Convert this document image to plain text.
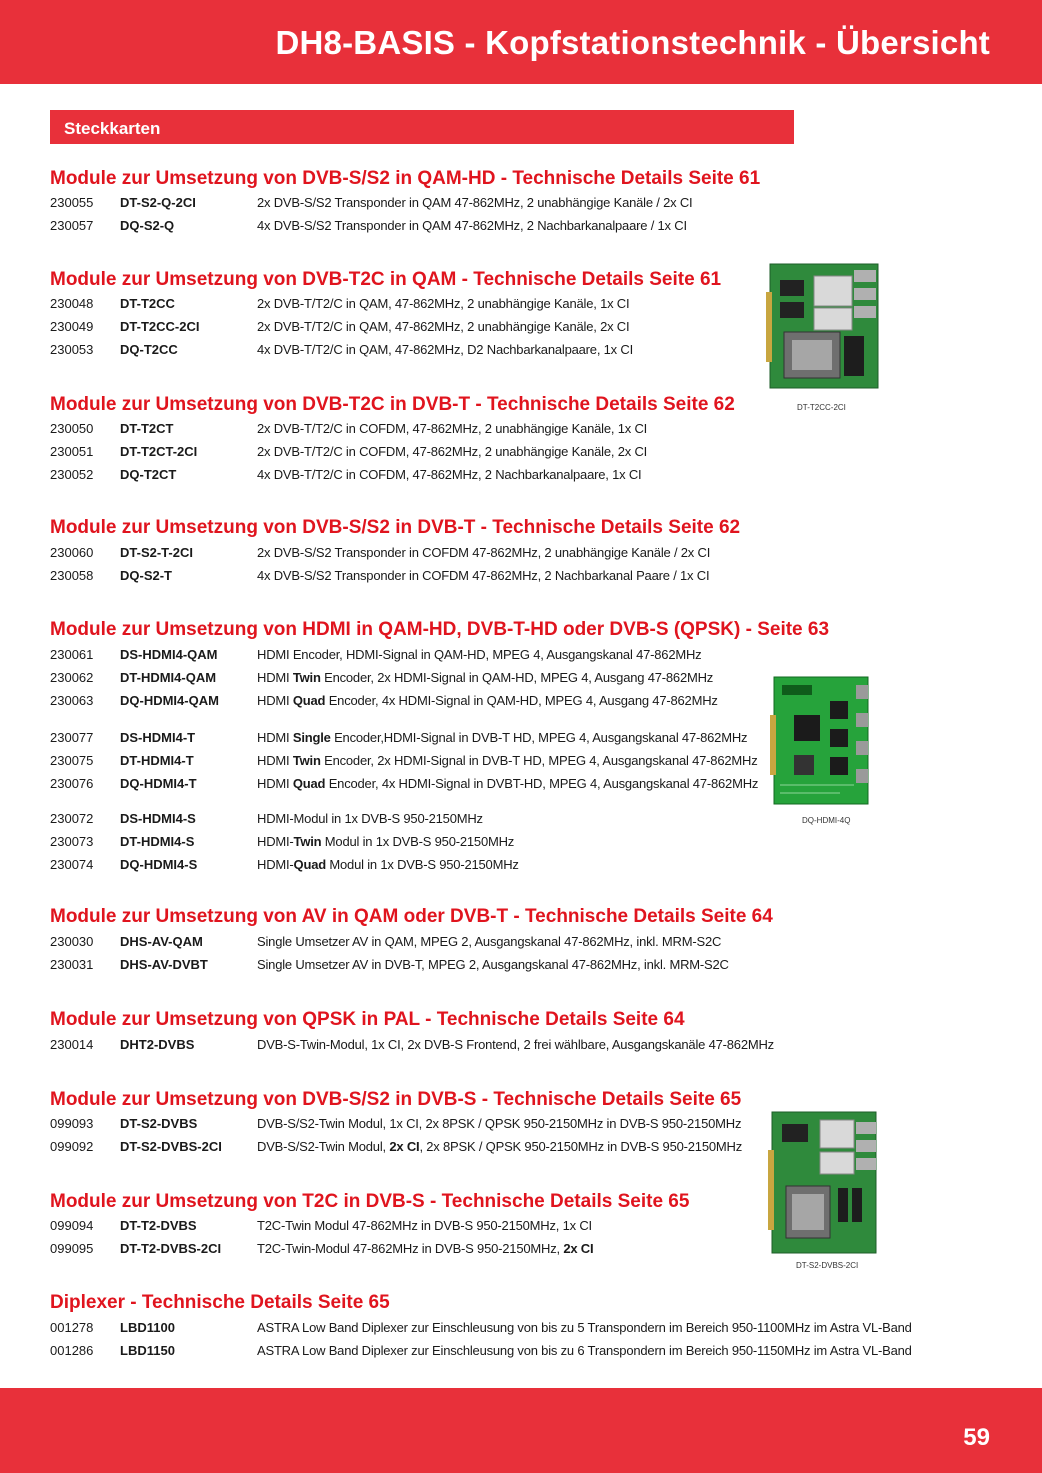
DH8-BASIS - Kopfstationstechnik - Übersicht
Steckkarten
Module zur Umsetzung von DVB-S/S2 in QAM-HD - Technische Details Seite 61
230055 DT-S2-Q-2CI	2x DVB-S/S2 Transponder in QAM 47-862MHz, 2 unabhängige Kanäle / 2x CI
230057 DQ-S2-Q	4x DVB-S/S2 Transponder in QAM 47-862MHz, 2 Nachbarkanalpaare / 1x CI
Module zur Umsetzung von DVB-T2C in QAM - Technische Details Seite 61
230048 DT-T2CC	2x DVB-T/T2/C in QAM, 47-862MHz, 2 unabhängige Kanäle, 1x CI
230049 DT-T2CC-2CI	2x DVB-T/T2/C in QAM, 47-862MHz, 2 unabhängige Kanäle, 2x CI
230053 DQ-T2CC	4x DVB-T/T2/C in QAM, 47-862MHz, D2 Nachbarkanalpaare, 1x CI
Module zur Umsetzung von DVB-T2C in DVB-T - Technische Details Seite 62
230050 DT-T2CT	2x DVB-T/T2/C in COFDM, 47-862MHz, 2 unabhängige Kanäle, 1x CI
230051 DT-T2CT-2CI	2x DVB-T/T2/C in COFDM, 47-862MHz, 2 unabhängige Kanäle, 2x CI
230052 DQ-T2CT	4x DVB-T/T2/C in COFDM, 47-862MHz, 2 Nachbarkanalpaare, 1x CI
Module zur Umsetzung von DVB-S/S2 in DVB-T - Technische Details Seite 62
230060 DT-S2-T-2CI	2x DVB-S/S2 Transponder in COFDM 47-862MHz, 2 unabhängige Kanäle / 2x CI
230058 DQ-S2-T	4x DVB-S/S2 Transponder in COFDM 47-862MHz, 2 Nachbarkanal Paare / 1x CI
Module zur Umsetzung von HDMI in QAM-HD, DVB-T-HD oder DVB-S (QPSK) - Seite 63
230061 DS-HDMI4-QAM	HDMI Encoder, HDMI-Signal in QAM-HD, MPEG 4, Ausgangskanal 47-862MHz
230062 DT-HDMI4-QAM	HDMI Twin Encoder, 2x HDMI-Signal in QAM-HD, MPEG 4, Ausgang 47-862MHz
230063 DQ-HDMI4-QAM	HDMI Quad Encoder, 4x HDMI-Signal in QAM-HD, MPEG 4, Ausgang 47-862MHz
230077 DS-HDMI4-T	HDMI Single Encoder,HDMI-Signal in DVB-T HD, MPEG 4, Ausgangskanal 47-862MHz
230075 DT-HDMI4-T	HDMI Twin Encoder, 2x HDMI-Signal in DVB-T HD, MPEG 4, Ausgangskanal 47-862MHz
230076 DQ-HDMI4-T	HDMI Quad Encoder, 4x HDMI-Signal in DVBT-HD, MPEG 4, Ausgangskanal 47-862MHz
230072 DS-HDMI4-S	HDMI-Modul in 1x DVB-S 950-2150MHz
230073 DT-HDMI4-S	HDMI-Twin Modul in 1x DVB-S 950-2150MHz
230074 DQ-HDMI4-S	HDMI-Quad Modul in 1x DVB-S 950-2150MHz
Module zur Umsetzung von AV in QAM oder DVB-T - Technische Details Seite 64
230030 DHS-AV-QAM	Single Umsetzer AV in QAM, MPEG 2, Ausgangskanal 47-862MHz, inkl. MRM-S2C
230031 DHS-AV-DVBT	Single Umsetzer AV in DVB-T, MPEG 2, Ausgangskanal 47-862MHz, inkl. MRM-S2C
Module zur Umsetzung von QPSK in PAL - Technische Details Seite 64
230014 DHT2-DVBS	DVB-S-Twin-Modul, 1x CI, 2x DVB-S Frontend, 2 frei wählbare, Ausgangskanäle 47-862MHz
Module zur Umsetzung von DVB-S/S2 in DVB-S - Technische Details Seite 65
099093 DT-S2-DVBS	DVB-S/S2-Twin Modul, 1x CI, 2x 8PSK / QPSK 950-2150MHz in DVB-S 950-2150MHz
099092 DT-S2-DVBS-2CI	DVB-S/S2-Twin Modul, 2x CI, 2x 8PSK / QPSK 950-2150MHz in DVB-S 950-2150MHz
Module zur Umsetzung von T2C in DVB-S - Technische Details Seite 65
099094 DT-T2-DVBS	T2C-Twin Modul 47-862MHz in DVB-S 950-2150MHz, 1x CI
099095 DT-T2-DVBS-2CI	T2C-Twin-Modul 47-862MHz in DVB-S 950-2150MHz, 2x CI
Diplexer - Technische Details Seite 65
001278 LBD1100	ASTRA Low Band Diplexer zur Einschleusung von bis zu 5 Transpondern im Bereich 950-1100MHz im Astra VL-Band
001286 LBD1150	ASTRA Low Band Diplexer zur Einschleusung von bis zu 6 Transpondern im Bereich 950-1150MHz im Astra VL-Band
DT-T2CC-2CI
DQ-HDMI-4Q
DT-S2-DVBS-2CI
59
